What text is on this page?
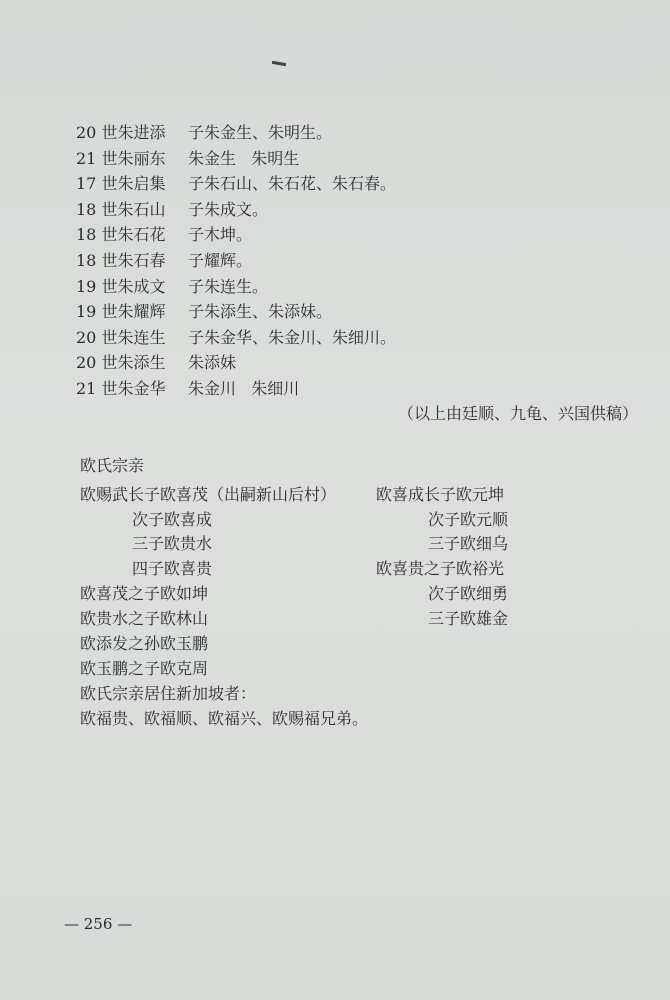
20 世朱进添 子朱金生、朱明生。
21 世朱丽东 朱金生   朱明生
17 世朱启集 子朱石山、朱石花、朱石春。
18 世朱石山 子朱成文。
18 世朱石花 子木坤。
18 世朱石春 子耀辉。
19 世朱成文 子朱连生。
19 世朱耀辉 子朱添生、朱添妹。
20 世朱连生 子朱金华、朱金川、朱细川。
20 世朱添生 朱添妹
21 世朱金华 朱金川   朱细川
（以上由廷顺、九龟、兴国供稿）
欧氏宗亲
欧赐武长子欧喜茂（出嗣新山后村）
次子欧喜成
三子欧贵水
四子欧喜贵
欧喜茂之子欧如坤
欧贵水之子欧林山
欧添发之孙欧玉鹏
欧玉鹏之子欧克周
欧氏宗亲居住新加坡者：
欧福贵、欧福顺、欧福兴、欧赐福兄弟。
欧喜成长子欧元坤
次子欧元顺
三子欧细乌
欧喜贵之子欧裕光
次子欧细勇
三子欧雄金
— 256 —
